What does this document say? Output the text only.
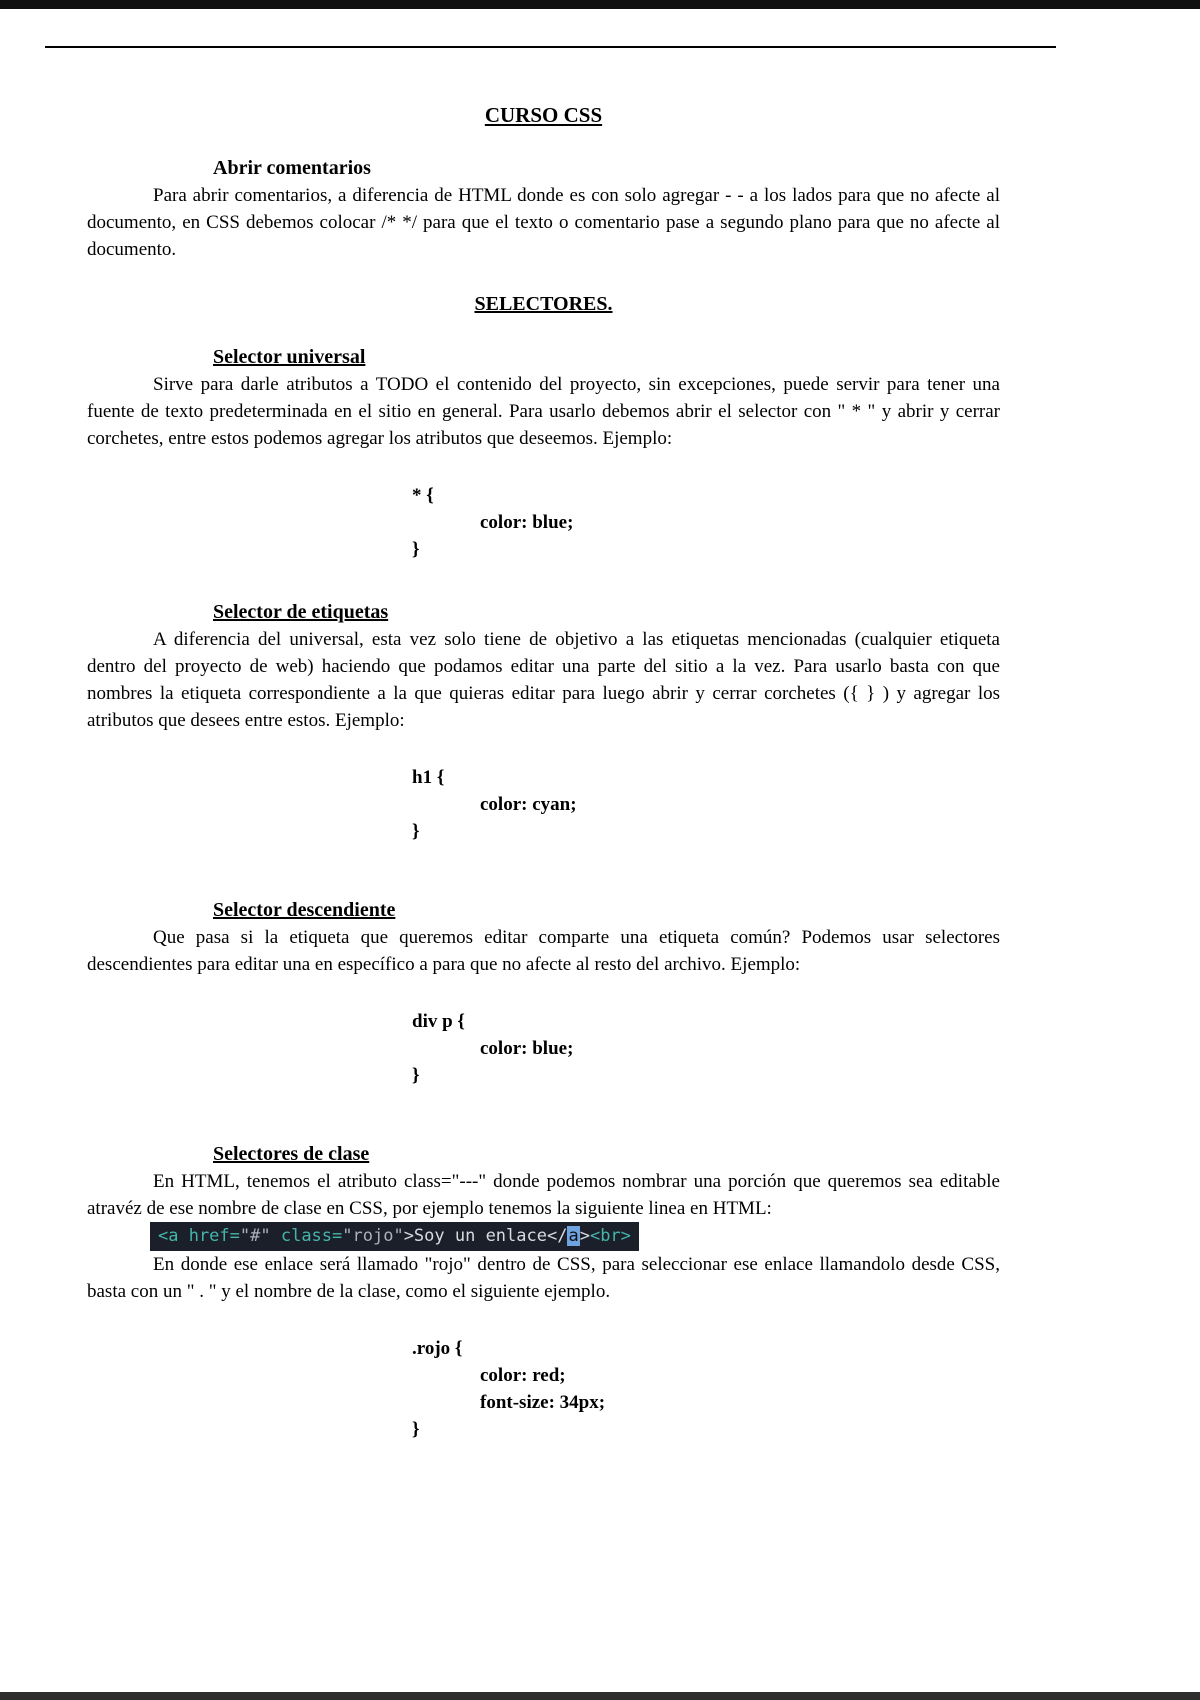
CURSO CSS
Abrir comentarios

Para abrir comentarios, a diferencia de HTML donde es con solo agregar - - a los lados para que no afecte al documento, en CSS debemos colocar /* */ para que el texto o comentario pase a segundo plano para que no afecte al documento.

SELECTORES.
Selector universal

Sirve para darle atributos a TODO el contenido del proyecto, sin excepciones, puede servir para tener una fuente de texto predeterminada en el sitio en general. Para usarlo debemos abrir el selector con " * " y abrir y cerrar corchetes, entre estos podemos agregar los atributos que deseemos. Ejemplo:

* {
color: blue;
}
Selector de etiquetas

A diferencia del universal, esta vez solo tiene de objetivo a las etiquetas mencionadas (cualquier etiqueta dentro del proyecto de web) haciendo que podamos editar una parte del sitio a la vez. Para usarlo basta con que nombres la etiqueta correspondiente a la que quieras editar para luego abrir y cerrar corchetes ({ } ) y agregar los atributos que desees entre estos. Ejemplo:

h1 {
color: cyan;
}
Selector descendiente

Que pasa si la etiqueta que queremos editar comparte una etiqueta común? Podemos usar selectores descendientes para editar una en específico a para que no afecte al resto del archivo. Ejemplo:

div p {
color: blue;
}
Selectores de clase

En HTML, tenemos el atributo class="---" donde podemos nombrar una porción que queremos sea editable atravéz de ese nombre de clase en CSS, por ejemplo tenemos la siguiente linea en HTML:

<a href="#" class="rojo">Soy un enlace</a><br>

En donde ese enlace será llamado "rojo" dentro de CSS, para seleccionar ese enlace llamandolo desde CSS, basta con un " . " y el nombre de la clase, como el siguiente ejemplo.

.rojo {
color: red;
font-size: 34px;
}
